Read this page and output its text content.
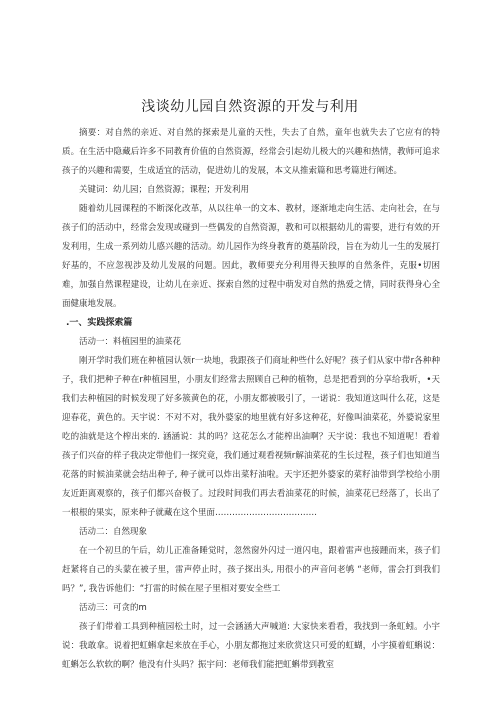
浅谈幼儿园自然资源的开发与利用

摘要：对自然的亲近、对自然的探索是儿童的天性，失去了自然，童年也就失去了它应有的特质。在生活中隐藏后许多不同教育价值的自然资源，经常会引起幼儿极大的兴趣和热情，教师可追求孩子的兴趣和需要，生成适宜的活动，促进幼儿的发展，本文从推索篇和思考篇进行阐述。

关键词：幼儿园；自然资源；课程；开发利用

随着幼儿园课程的不断深化改革，从以往单一的文本、教材，逐渐地走向生活、走向社会，在与孩子们的活动中，经常会发现或碰到一些偶发的自然资源，教和可以根据幼儿的需要，进行有效的开发利用，生成一系列幼儿感兴趣的活动。幼儿园作为终身教育的奠基阶段，旨在为幼儿一生的发展打好基的，不应忽视涉及幼儿发展的问题。因此，教师要充分利用得天独厚的自然条件，克服•切困难，加强自然课程建设，让幼儿在亲近、探索自然的过程中萌发对自然的热爱之情，同时获得身心全面健康地发展。

.一、实践探索篇

活动一：料植园里的油菜花

刚开学时我们班在种植园认领r一块地，我跟孩子们商址种些什么好呢？孩子们从家中带r各种种子，我们把种子种在r种植园里，小朋友们经常去照顾自己种的植物，总是把看到的分享给我听，•天我们去种植园的时候发现了好多簇黄色的花，小朋友都被吸引了，一诺说：我知道这叫什么花，这是迎春花，黄色的。天宇说：不对不对，我外婆家的地里就有好多这种花，好像叫油菜花，外婆说家里吃的油就是这个榨出来的. 涵涵说：其的吗？这花怎么才能榨出油啊？天宇说：我也不知道呢！看着孩子们兴奋的样子我决定带他们一探究竟，我们通过观看视频r解油菜花的生长过程，孩子们也知道当花落的时候油菜就会结出种子, 种子就可以炸出菜籽油啦。天宇还把外婆家的菜籽油带到学校给小朋友近距离观察的，孩子们都兴奋极了。过段时间我们再去看油菜花的时候，油菜花已经落了，长出了一根根的果实，原来种子就藏在这个里面………………………………

活动二：自然现象

在一个初旦的午后，幼儿正准备睡觉时，忽然窗外闪过一道闪电，跟着雷声也接踵而来，孩子们赶紧将自己的头蒙在被子里，雷声停止时，孩子探出头, 用很小的声音问老鸲 “老师，雷会打到我们吗？”, 我告诉他们：“打雷的时候在屋子里相对要安全些工

活动三：可贪的m

孩子们带着工具到种植园松土时，过一会涵涵大声喊道: 大家快来看看，我找到一条虹蚓。小宇说：我敢拿。说着把虹蝌拿起来放在手心，小朋友都拖过来欣赏这只可爱的虹蝴，小宇摸着虹蝌说：虹蝌怎么软软的啊？他没有什头吗？振宇问：老师我们能把虹蝌带到教室
